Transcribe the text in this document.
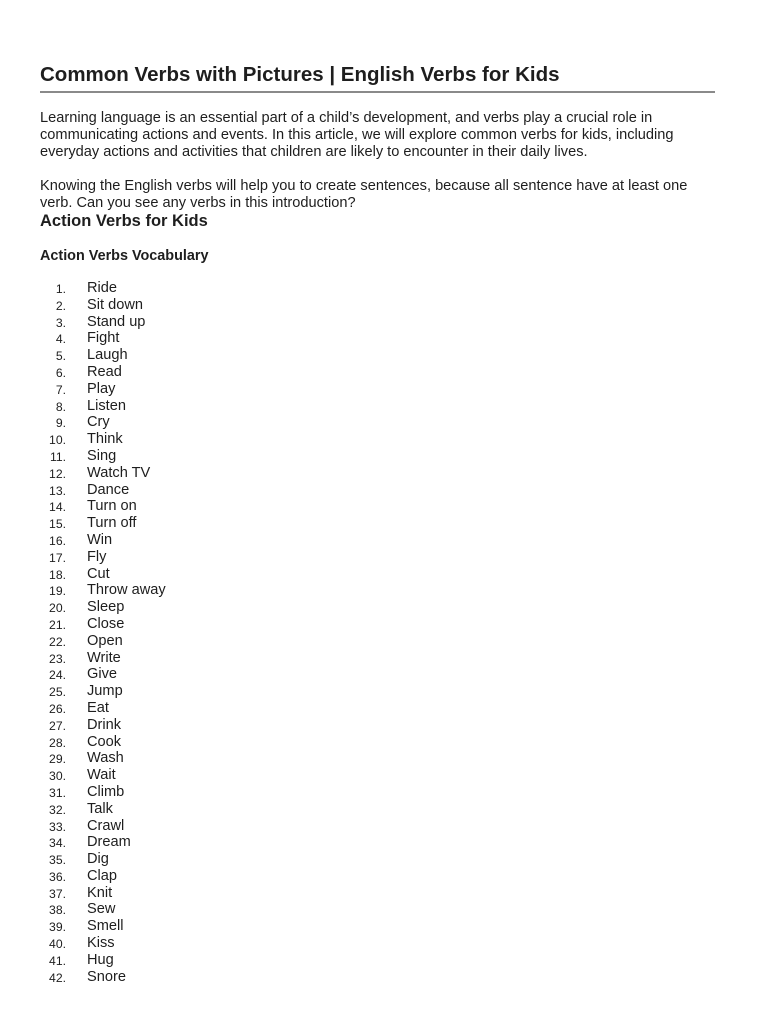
Common Verbs with Pictures | English Verbs for Kids

Learning language is an essential part of a child’s development, and verbs play a crucial role in communicating actions and events. In this article, we will explore common verbs for kids, including everyday actions and activities that children are likely to encounter in their daily lives.

Knowing the English verbs will help you to create sentences, because all sentence have at least one verb. Can you see any verbs in this introduction?

Action Verbs for Kids
Action Verbs Vocabulary
1. Ride
2. Sit down
3. Stand up
4. Fight
5. Laugh
6. Read
7. Play
8. Listen
9. Cry
10. Think
11. Sing
12. Watch TV
13. Dance
14. Turn on
15. Turn off
16. Win
17. Fly
18. Cut
19. Throw away
20. Sleep
21. Close
22. Open
23. Write
24. Give
25. Jump
26. Eat
27. Drink
28. Cook
29. Wash
30. Wait
31. Climb
32. Talk
33. Crawl
34. Dream
35. Dig
36. Clap
37. Knit
38. Sew
39. Smell
40. Kiss
41. Hug
42. Snore
